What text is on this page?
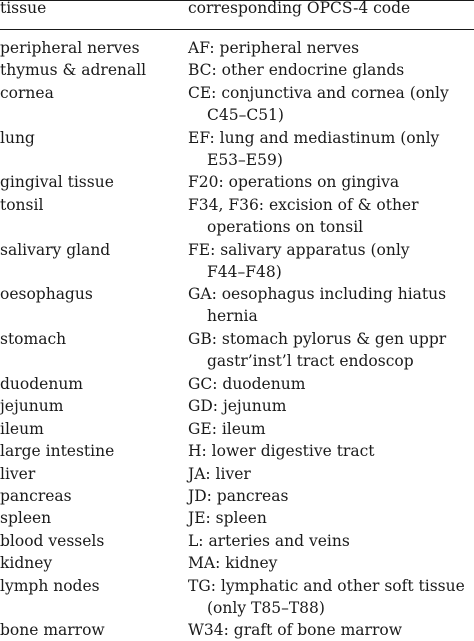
tissue	corresponding OPCS-4 code
peripheral nerves	AF: peripheral nerves
thymus & adrenall	BC: other endocrine glands
cornea	CE: conjunctiva and cornea (only
C45–C51)
lung	EF: lung and mediastinum (only
E53–E59)
gingival tissue	F20: operations on gingiva
tonsil	F34, F36: excision of & other
operations on tonsil
salivary gland	FE: salivary apparatus (only
F44–F48)
oesophagus	GA: oesophagus including hiatus
hernia
stomach	GB: stomach pylorus & gen uppr
gastr’inst’l tract endoscop
duodenum	GC: duodenum
jejunum	GD: jejunum
ileum	GE: ileum
large intestine	H: lower digestive tract
liver	JA: liver
pancreas	JD: pancreas
spleen	JE: spleen
blood vessels	L: arteries and veins
kidney	MA: kidney
lymph nodes	TG: lymphatic and other soft tissue
(only T85–T88)
bone marrow	W34: graft of bone marrow
